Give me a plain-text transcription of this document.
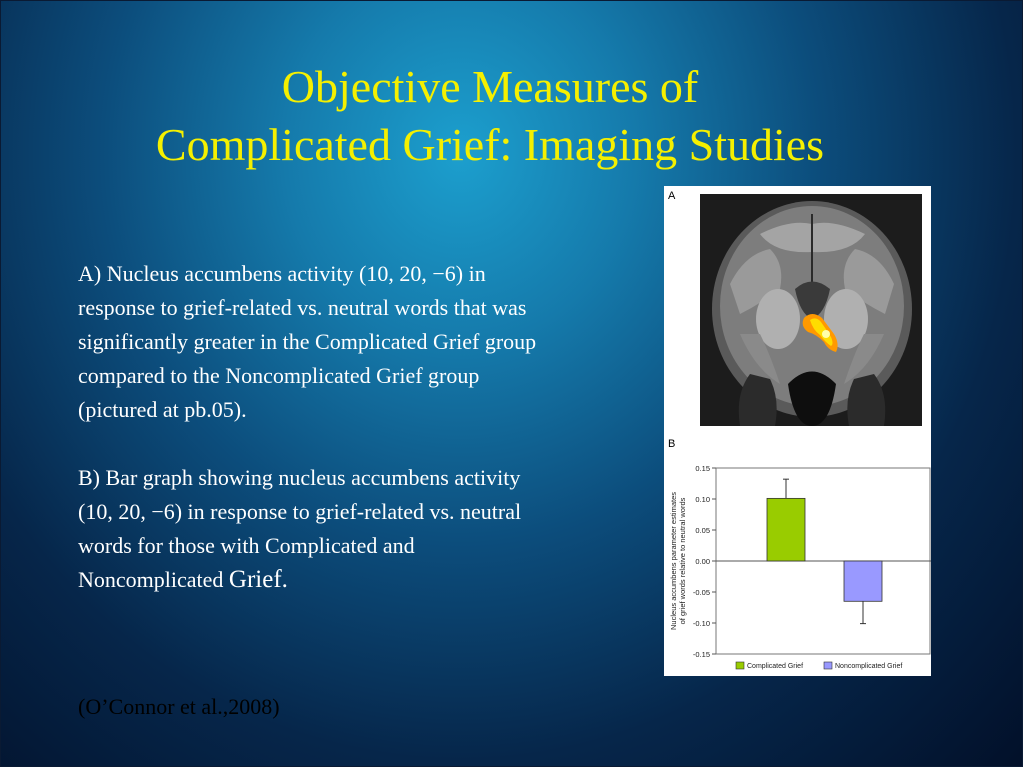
Objective Measures of
Complicated Grief: Imaging Studies

A) Nucleus accumbens activity (10, 20, −6) in response to grief-related vs. neutral words that was significantly greater in the Complicated Grief group compared to the Noncomplicated Grief group (pictured at pb.05).

B) Bar graph showing nucleus accumbens activity (10, 20, −6) in response to grief-related vs. neutral words for those with Complicated and Noncomplicated Grief.

(O’Connor et al.,2008)
A
B
0.15
0.10
0.05
0.00
-0.05
-0.10
-0.15
Nucleus accumbens parameter estimates of grief words relative to neutral words
Complicated Grief	Noncomplicated Grief
